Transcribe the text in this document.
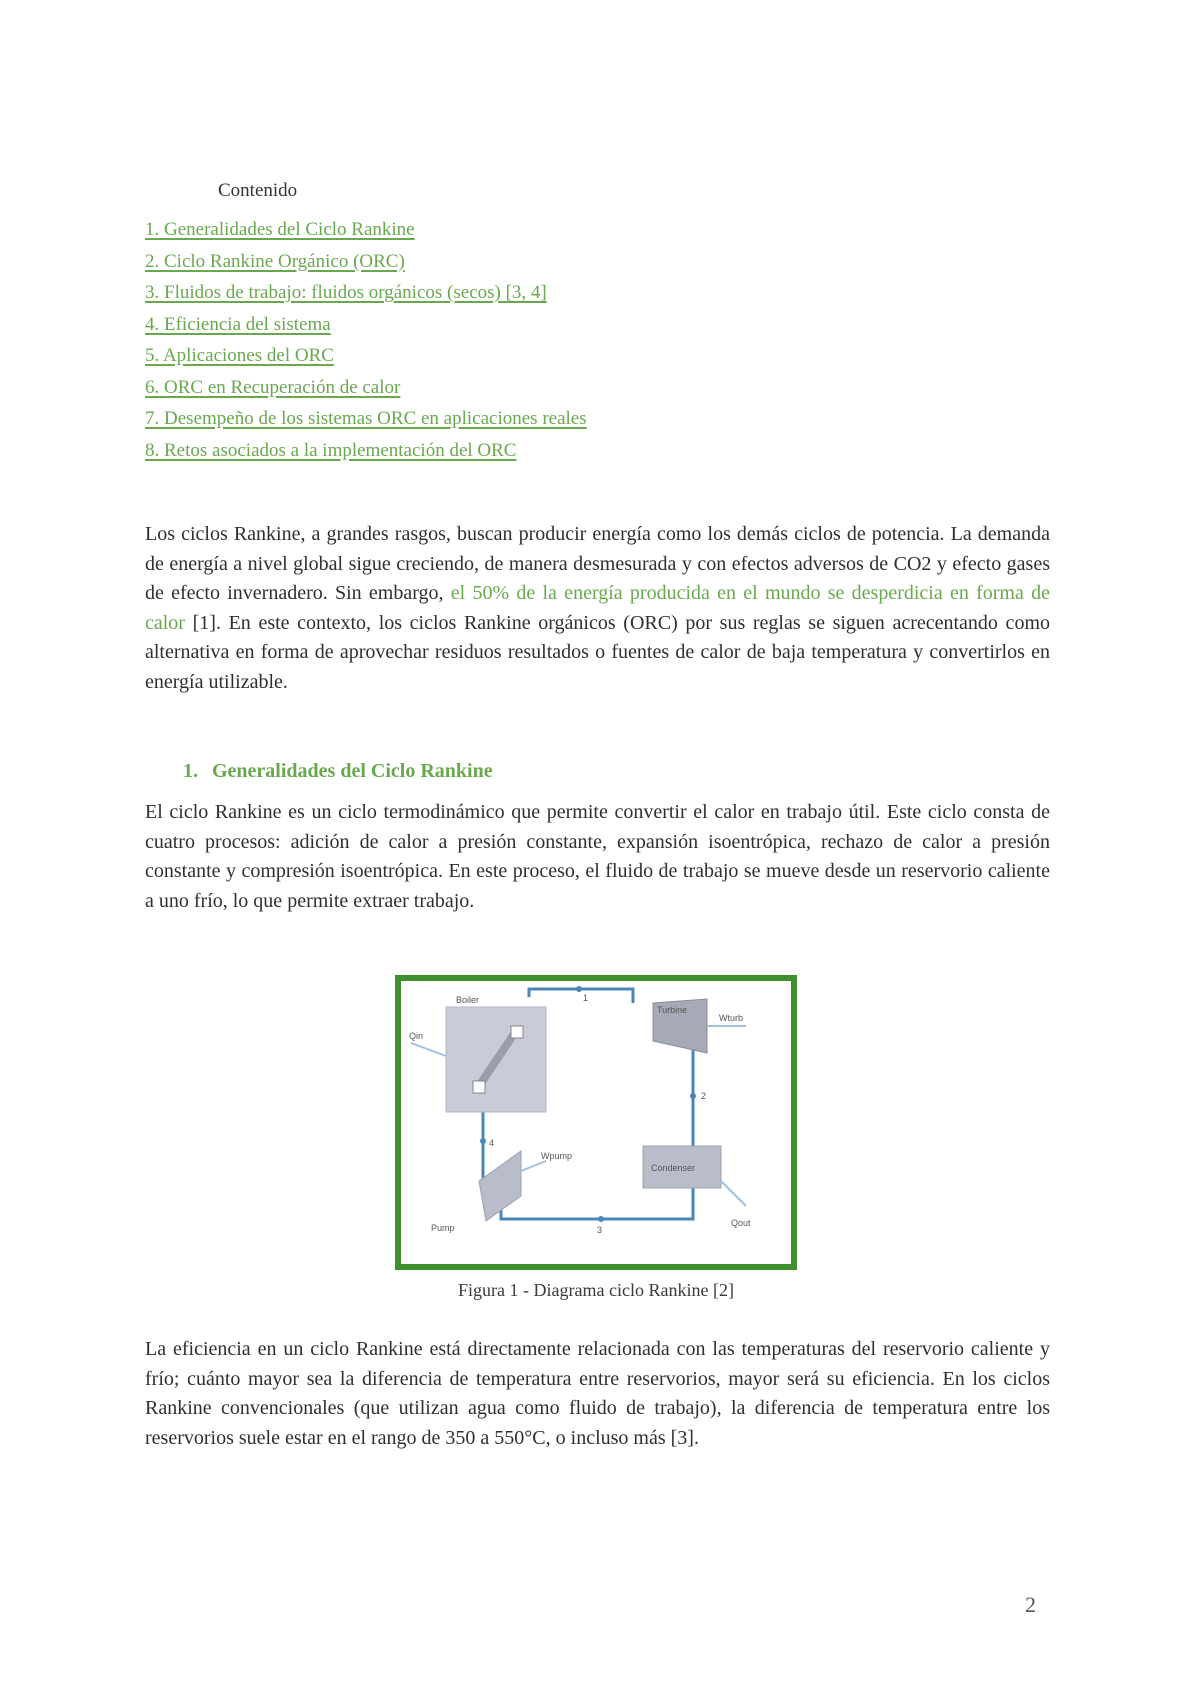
Contenido
1. Generalidades del Ciclo Rankine
2. Ciclo Rankine Orgánico (ORC)
3. Fluidos de trabajo: fluidos orgánicos (secos) [3, 4]
4. Eficiencia del sistema
5. Aplicaciones del ORC
6. ORC en Recuperación de calor
7. Desempeño de los sistemas ORC en aplicaciones reales
8. Retos asociados a la implementación del ORC

Los ciclos Rankine, a grandes rasgos, buscan producir energía como los demás ciclos de potencia. La demanda de energía a nivel global sigue creciendo, de manera desmesurada y con efectos adversos de CO2 y efecto gases de efecto invernadero. Sin embargo, el 50% de la energía producida en el mundo se desperdicia en forma de calor [1]. En este contexto, los ciclos Rankine orgánicos (ORC) por sus reglas se siguen acrecentando como alternativa en forma de aprovechar residuos resultados o fuentes de calor de baja temperatura y convertirlos en energía utilizable.

1. Generalidades del Ciclo Rankine

El ciclo Rankine es un ciclo termodinámico que permite convertir el calor en trabajo útil. Este ciclo consta de cuatro procesos: adición de calor a presión constante, expansión isoentrópica, rechazo de calor a presión constante y compresión isoentrópica. En este proceso, el fluido de trabajo se mueve desde un reservorio caliente a uno frío, lo que permite extraer trabajo.

Boiler
Turbine
Condenser
Pump
Qin
Qout
Wturb
Wpump
1
2
3
4
Figura 1 - Diagrama ciclo Rankine [2]

La eficiencia en un ciclo Rankine está directamente relacionada con las temperaturas del reservorio caliente y frío; cuánto mayor sea la diferencia de temperatura entre reservorios, mayor será su eficiencia. En los ciclos Rankine convencionales (que utilizan agua como fluido de trabajo), la diferencia de temperatura entre los reservorios suele estar en el rango de 350 a 550°C, o incluso más [3].

2
